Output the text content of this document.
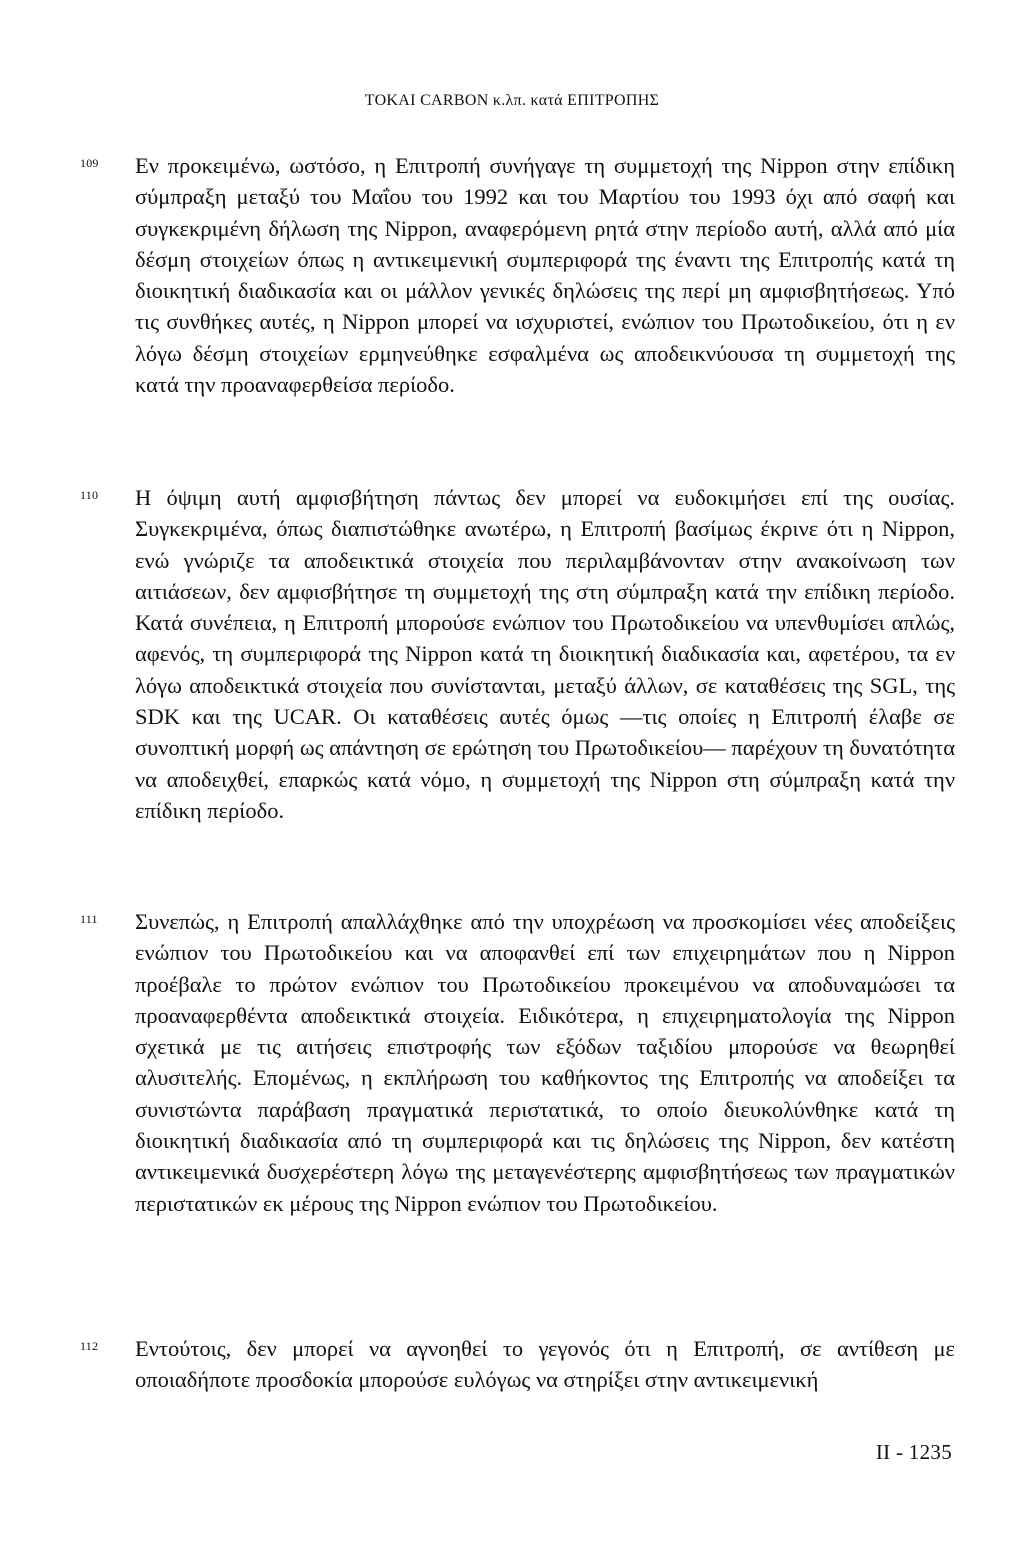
TOKAI CARBON κ.λπ. κατά ΕΠΙΤΡΟΠΗΣ
109 Εν προκειμένω, ωστόσο, η Επιτροπή συνήγαγε τη συμμετοχή της Nippon στην επίδικη σύμπραξη μεταξύ του Μαΐου του 1992 και του Μαρτίου του 1993 όχι από σαφή και συγκεκριμένη δήλωση της Nippon, αναφερόμενη ρητά στην περίοδο αυτή, αλλά από μία δέσμη στοιχείων όπως η αντικειμενική συμπεριφορά της έναντι της Επιτροπής κατά τη διοικητική διαδικασία και οι μάλλον γενικές δηλώσεις της περί μη αμφισβητήσεως. Υπό τις συνθήκες αυτές, η Nippon μπορεί να ισχυριστεί, ενώπιον του Πρωτοδικείου, ότι η εν λόγω δέσμη στοιχείων ερμηνεύθηκε εσφαλμένα ως αποδεικνύουσα τη συμμετοχή της κατά την προαναφερθείσα περίοδο.

110 Η όψιμη αυτή αμφισβήτηση πάντως δεν μπορεί να ευδοκιμήσει επί της ουσίας. Συγκεκριμένα, όπως διαπιστώθηκε ανωτέρω, η Επιτροπή βασίμως έκρινε ότι η Nippon, ενώ γνώριζε τα αποδεικτικά στοιχεία που περιλαμβάνονταν στην ανακοίνωση των αιτιάσεων, δεν αμφισβήτησε τη συμμετοχή της στη σύμπραξη κατά την επίδικη περίοδο. Κατά συνέπεια, η Επιτροπή μπορούσε ενώπιον του Πρωτοδικείου να υπενθυμίσει απλώς, αφενός, τη συμπεριφορά της Nippon κατά τη διοικητική διαδικασία και, αφετέρου, τα εν λόγω αποδεικτικά στοιχεία που συνίστανται, μεταξύ άλλων, σε καταθέσεις της SGL, της SDK και της UCAR. Οι καταθέσεις αυτές όμως —τις οποίες η Επιτροπή έλαβε σε συνοπτική μορφή ως απάντηση σε ερώτηση του Πρωτοδικείου— παρέχουν τη δυνατότητα να αποδειχθεί, επαρκώς κατά νόμο, η συμμετοχή της Nippon στη σύμπραξη κατά την επίδικη περίοδο.

111 Συνεπώς, η Επιτροπή απαλλάχθηκε από την υποχρέωση να προσκομίσει νέες αποδείξεις ενώπιον του Πρωτοδικείου και να αποφανθεί επί των επιχειρημάτων που η Nippon προέβαλε το πρώτον ενώπιον του Πρωτοδικείου προκειμένου να αποδυναμώσει τα προαναφερθέντα αποδεικτικά στοιχεία. Ειδικότερα, η επιχειρηματολογία της Nippon σχετικά με τις αιτήσεις επιστροφής των εξόδων ταξιδίου μπορούσε να θεωρηθεί αλυσιτελής. Επομένως, η εκπλήρωση του καθήκοντος της Επιτροπής να αποδείξει τα συνιστώντα παράβαση πραγματικά περιστατικά, το οποίο διευκολύνθηκε κατά τη διοικητική διαδικασία από τη συμπεριφορά και τις δηλώσεις της Nippon, δεν κατέστη αντικειμενικά δυσχερέστερη λόγω της μεταγενέστερης αμφισβητήσεως των πραγματικών περιστατικών εκ μέρους της Nippon ενώπιον του Πρωτοδικείου.

112 Εντούτοις, δεν μπορεί να αγνοηθεί το γεγονός ότι η Επιτροπή, σε αντίθεση με οποιαδήποτε προσδοκία μπορούσε ευλόγως να στηρίξει στην αντικειμενική

II - 1235
